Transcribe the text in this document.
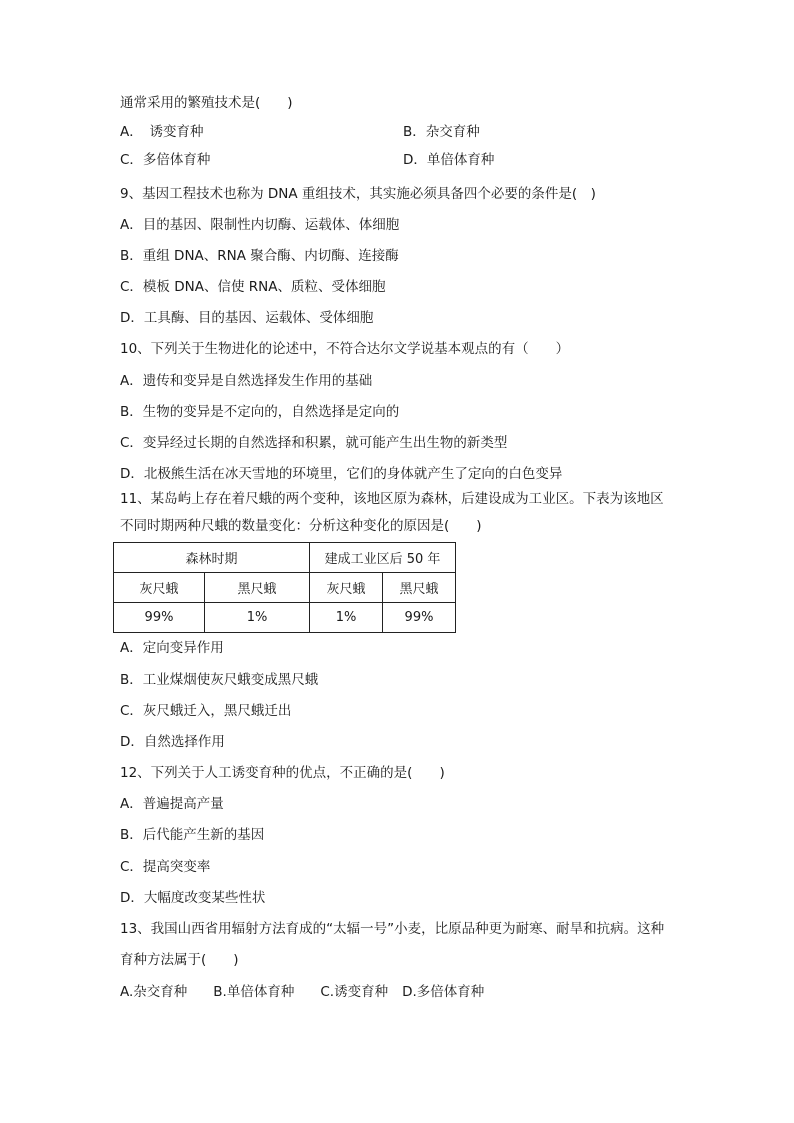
通常采用的繁殖技术是(　　)
A．　诱变育种	B．杂交育种
C．多倍体育种	D．单倍体育种
9、基因工程技术也称为 DNA 重组技术，其实施必须具备四个必要的条件是(　)
A．目的基因、限制性内切酶、运载体、体细胞
B．重组 DNA、RNA 聚合酶、内切酶、连接酶
C．模板 DNA、信使 RNA、质粒、受体细胞
D．工具酶、目的基因、运载体、受体细胞
10、下列关于生物进化的论述中，不符合达尔文学说基本观点的有（　　）
A．遗传和变异是自然选择发生作用的基础
B．生物的变异是不定向的，自然选择是定向的
C．变异经过长期的自然选择和积累，就可能产生出生物的新类型
D．北极熊生活在冰天雪地的环境里，它们的身体就产生了定向的白色变异
11、某岛屿上存在着尺蛾的两个变种，该地区原为森林，后建设成为工业区。下表为该地区
不同时期两种尺蛾的数量变化：分析这种变化的原因是(　　)
森林时期		建成工业区后 50 年	
灰尺蛾	黑尺蛾	灰尺蛾	黑尺蛾
99%	1%	1%	99%
A．定向变异作用
B．工业煤烟使灰尺蛾变成黑尺蛾
C．灰尺蛾迁入，黑尺蛾迁出
D．自然选择作用
12、下列关于人工诱变育种的优点，不正确的是(　　)
A．普遍提高产量
B．后代能产生新的基因
C．提高突变率
D．大幅度改变某些性状
13、我国山西省用辐射方法育成的“太辐一号”小麦，比原品种更为耐寒、耐旱和抗病。这种
育种方法属于(　　)
A.杂交育种 B.单倍体育种 C.诱变育种 D.多倍体育种
